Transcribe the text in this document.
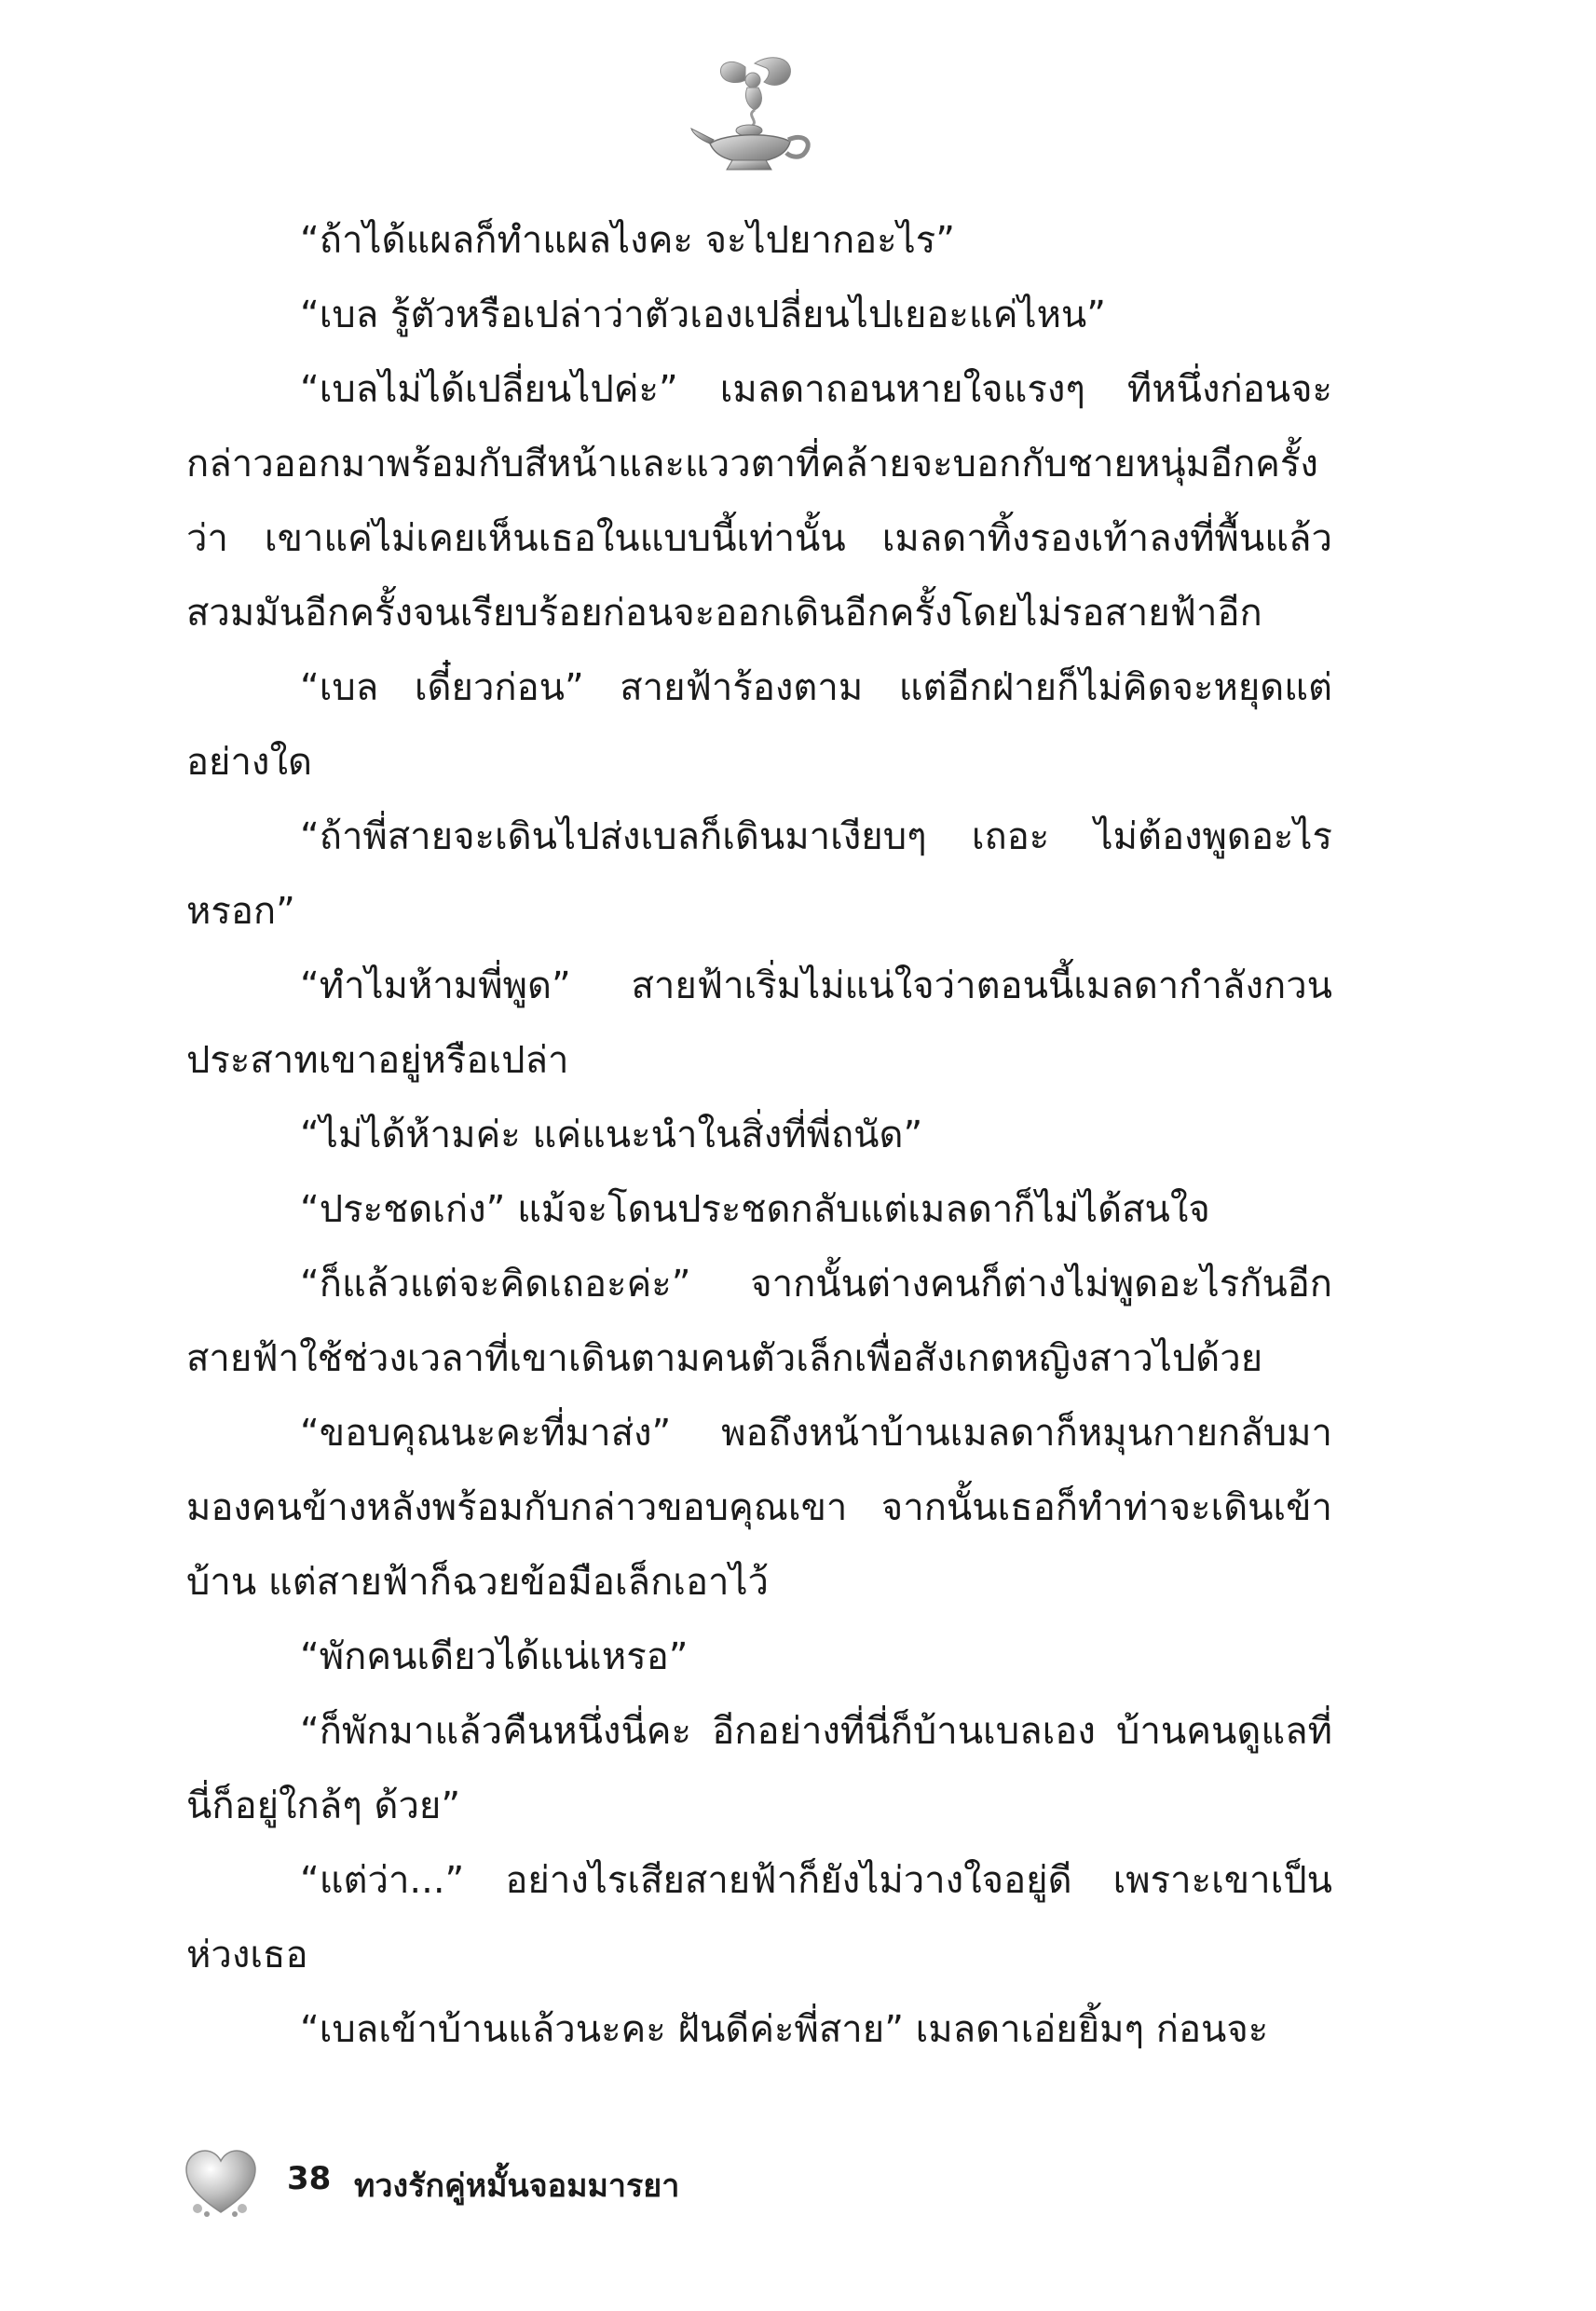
“ถ้าได้แผลก็ทำแผลไงคะ จะไปยากอะไร”

“เบล รู้ตัวหรือเปล่าว่าตัวเองเปลี่ยนไปเยอะแค่ไหน”

“เบลไม่ได้เปลี่ยนไปค่ะ” เมลดาถอนหายใจแรงๆ ทีหนึ่งก่อนจะกล่าวออกมาพร้อมกับสีหน้าและแววตาที่คล้ายจะบอกกับชายหนุ่มอีกครั้งว่า เขาแค่ไม่เคยเห็นเธอในแบบนี้เท่านั้น เมลดาทิ้งรองเท้าลงที่พื้นแล้วสวมมันอีกครั้งจนเรียบร้อยก่อนจะออกเดินอีกครั้งโดยไม่รอสายฟ้าอีก

“เบล เดี๋ยวก่อน” สายฟ้าร้องตาม แต่อีกฝ่ายก็ไม่คิดจะหยุดแต่อย่างใด

“ถ้าพี่สายจะเดินไปส่งเบลก็เดินมาเงียบๆ เถอะ ไม่ต้องพูดอะไรหรอก”

“ทำไมห้ามพี่พูด” สายฟ้าเริ่มไม่แน่ใจว่าตอนนี้เมลดากำลังกวนประสาทเขาอยู่หรือเปล่า

“ไม่ได้ห้ามค่ะ แค่แนะนำในสิ่งที่พี่ถนัด”

“ประชดเก่ง” แม้จะโดนประชดกลับแต่เมลดาก็ไม่ได้สนใจ

“ก็แล้วแต่จะคิดเถอะค่ะ” จากนั้นต่างคนก็ต่างไม่พูดอะไรกันอีกสายฟ้าใช้ช่วงเวลาที่เขาเดินตามคนตัวเล็กเพื่อสังเกตหญิงสาวไปด้วย

“ขอบคุณนะคะที่มาส่ง” พอถึงหน้าบ้านเมลดาก็หมุนกายกลับมามองคนข้างหลังพร้อมกับกล่าวขอบคุณเขา จากนั้นเธอก็ทำท่าจะเดินเข้าบ้าน แต่สายฟ้าก็ฉวยข้อมือเล็กเอาไว้

“พักคนเดียวได้แน่เหรอ”

“ก็พักมาแล้วคืนหนึ่งนี่คะ อีกอย่างที่นี่ก็บ้านเบลเอง บ้านคนดูแลที่นี่ก็อยู่ใกล้ๆ ด้วย”

“แต่ว่า...” อย่างไรเสียสายฟ้าก็ยังไม่วางใจอยู่ดี เพราะเขาเป็นห่วงเธอ

“เบลเข้าบ้านแล้วนะคะ ฝันดีค่ะพี่สาย” เมลดาเอ่ยยิ้มๆ ก่อนจะ

38 ทวงรักคู่หมั้นจอมมารยา
